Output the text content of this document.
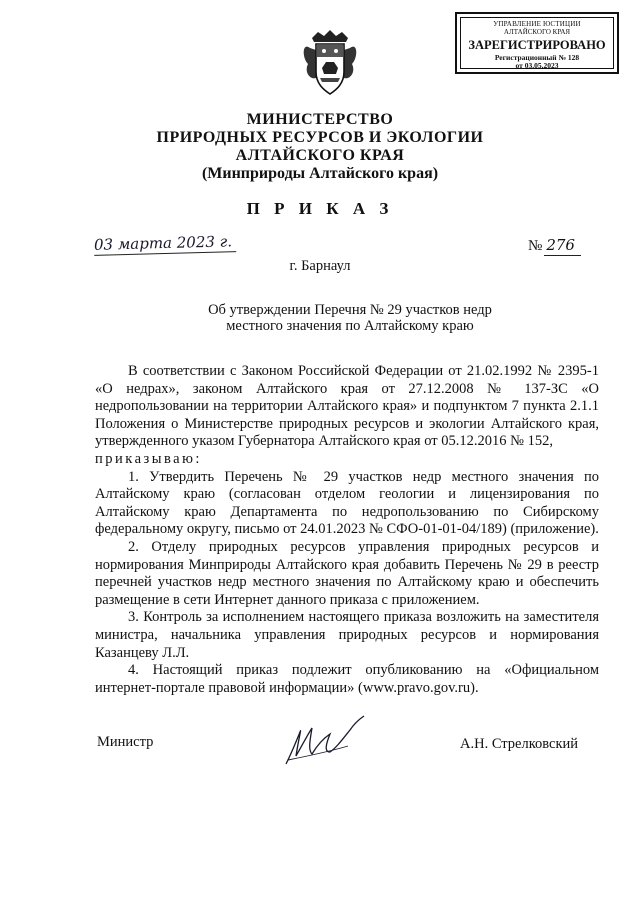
УПРАВЛЕНИЕ ЮСТИЦИИ
АЛТАЙСКОГО КРАЯ
ЗАРЕГИСТРИРОВАНО
Регистрационный № 128
от 03.05.2023
МИНИСТЕРСТВО
ПРИРОДНЫХ РЕСУРСОВ И ЭКОЛОГИИ
АЛТАЙСКОГО КРАЯ
(Минприроды Алтайского края)
П Р И К А З
03 марта 2023 г.	№ 276
г. Барнаул
Об утверждении Перечня № 29 участков недр
местного значения по Алтайскому краю

В соответствии с Законом Российской Федерации от 21.02.1992 № 2395-1 «О недрах», законом Алтайского края от 27.12.2008 № 137-ЗС «О недропользовании на территории Алтайского края» и подпунктом 7 пункта 2.1.1 Положения о Министерстве природных ресурсов и экологии Алтайского края, утвержденного указом Губернатора Алтайского края от 05.12.2016 № 152,

приказываю:

1. Утвердить Перечень № 29 участков недр местного значения по Алтайскому краю (согласован отделом геологии и лицензирования по Алтайскому краю Департамента по недропользованию по Сибирскому федеральному округу, письмо от 24.01.2023 № СФО-01-01-04/189) (приложение).

2. Отделу природных ресурсов управления природных ресурсов и нормирования Минприроды Алтайского края добавить Перечень № 29 в реестр перечней участков недр местного значения по Алтайскому краю и обеспечить размещение в сети Интернет данного приказа с приложением.

3. Контроль за исполнением настоящего приказа возложить на заместителя министра, начальника управления природных ресурсов и нормирования Казанцеву Л.Л.

4. Настоящий приказ подлежит опубликованию на «Официальном интернет-портале правовой информации» (www.pravo.gov.ru).

Министр	А.Н. Стрелковский
